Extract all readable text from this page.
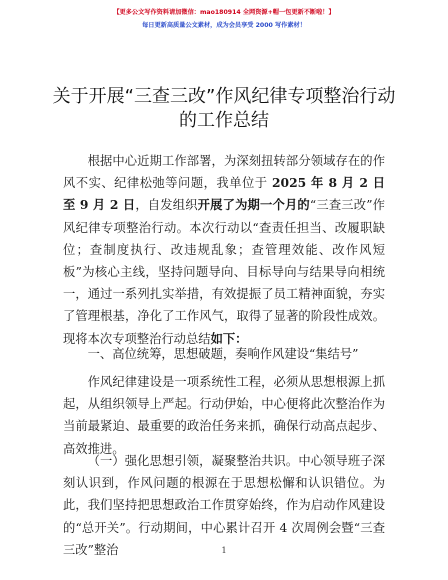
【更多公文写作资料请加微信：mao180914 全网资源+帽一包更新不断啦！】
每日更新高质量公文素材，成为会员享受 2000 写作素材！
关于开展“三查三改”作风纪律专项整治行动
的工作总结
根据中心近期工作部署，为深刻扭转部分领域存在的作风不实、纪律松弛等问题，我单位于 2025 年 8 月 2 日至 9 月 2 日，自发组织开展了为期一个月的“三查三改”作风纪律专项整治行动。本次行动以“查责任担当、改履职缺位；查制度执行、改违规乱象；查管理效能、改作风短板”为核心主线，坚持问题导向、目标导向与结果导向相统一，通过一系列扎实举措，有效提振了员工精神面貌，夯实了管理根基，净化了工作风气，取得了显著的阶段性成效。现将本次专项整治行动总结如下：
一、高位统筹，思想破题，奏响作风建设“集结号”
作风纪律建设是一项系统性工程，必须从思想根源上抓起，从组织领导上严起。行动伊始，中心便将此次整治作为当前最紧迫、最重要的政治任务来抓，确保行动高点起步、高效推进。
（一）强化思想引领，凝聚整治共识。中心领导班子深刻认识到，作风问题的根源在于思想松懈和认识错位。为此，我们坚持把思想政治工作贯穿始终，作为启动作风建设的“总开关”。行动期间，中心累计召开 4 次周例会暨“三查三改”整治	1
